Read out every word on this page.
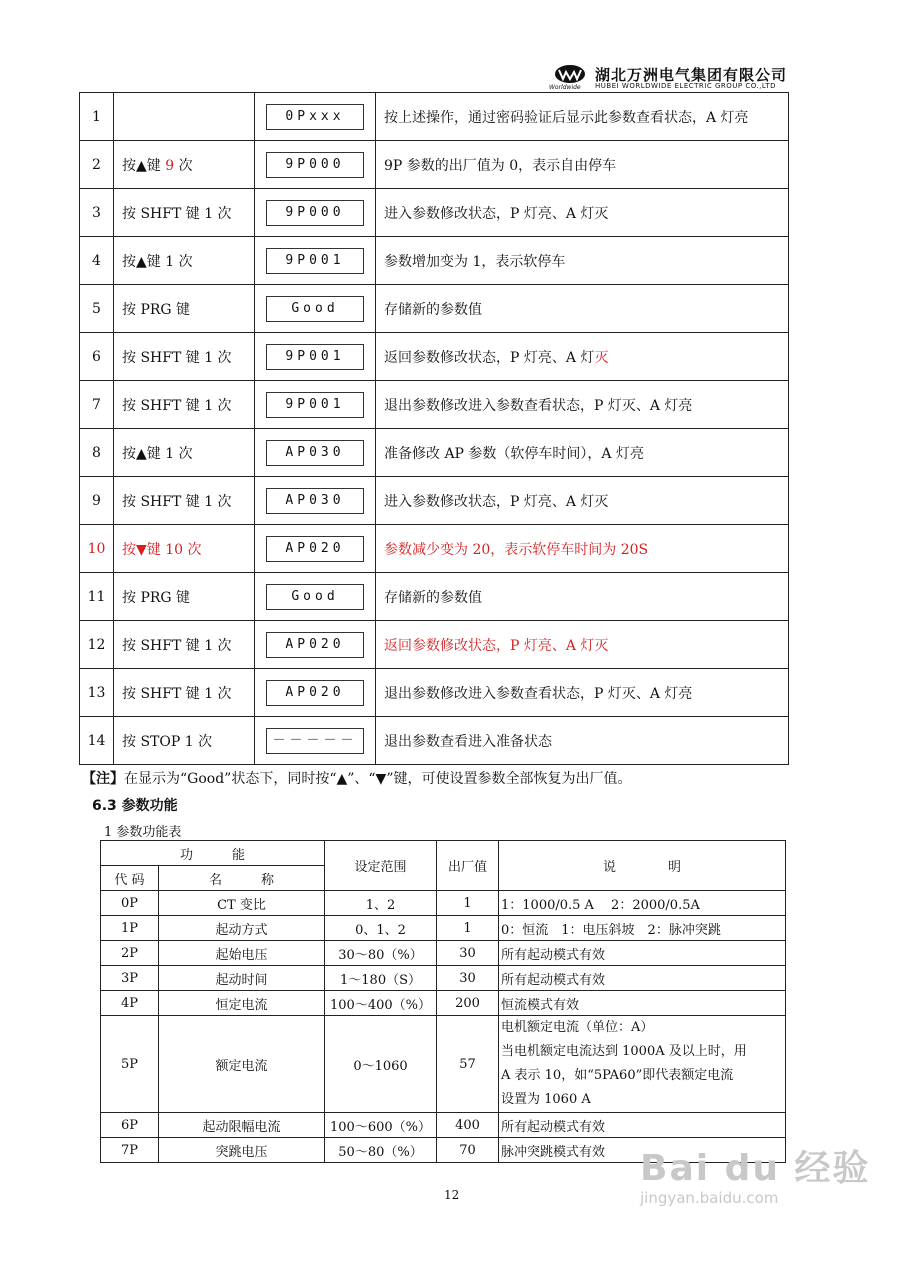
Worldwide
湖北万洲电气集团有限公司
HUBEI WORLDWIDE ELECTRIC GROUP CO.,LTD
1		0Pxxx	按上述操作，通过密码验证后显示此参数查看状态，A 灯亮
2	按▲键 9 次	9P000	9P 参数的出厂值为 0，表示自由停车
3	按 SHFT 键 1 次	9P000	进入参数修改状态，P 灯亮、A 灯灭
4	按▲键 1 次	9P001	参数增加变为 1，表示软停车
5	按 PRG 键	Good	存储新的参数值
6	按 SHFT 键 1 次	9P001	返回参数修改状态，P 灯亮、A 灯灭
7	按 SHFT 键 1 次	9P001	退出参数修改进入参数查看状态，P 灯灭、A 灯亮
8	按▲键 1 次	AP030	准备修改 AP 参数（软停车时间），A 灯亮
9	按 SHFT 键 1 次	AP030	进入参数修改状态，P 灯亮、A 灯灭
10	按▼键 10 次	AP020	参数减少变为 20，表示软停车时间为 20S
11	按 PRG 键	Good	存储新的参数值
12	按 SHFT 键 1 次	AP020	返回参数修改状态，P 灯亮、A 灯灭
13	按 SHFT 键 1 次	AP020	退出参数修改进入参数查看状态，P 灯灭、A 灯亮
14	按 STOP 1 次	－－－－－	退出参数查看进入准备状态
【注】在显示为“Good”状态下，同时按“▲”、“▼”键，可使设置参数全部恢复为出厂值。
6.3 参数功能
1 参数功能表
功　　　能		设定范围	出厂值	说　　　　明
代 码	名　　　称			
0P	CT 变比	1、2	1	1：1000/0.5 A　 2：2000/0.5A
1P	起动方式	0、1、2	1	0：恒流　1：电压斜坡　2：脉冲突跳
2P	起始电压	30～80（%）	30	所有起动模式有效
3P	起动时间	1～180（S）	30	所有起动模式有效
4P	恒定电流	100～400（%）	200	恒流模式有效
5P	额定电流	0～1060	57	电机额定电流（单位：A）
当电机额定电流达到 1000A 及以上时，用
A 表示 10，如“5PA60”即代表额定电流
设置为 1060 A

6P	起动限幅电流	100～600（%）	400	所有起动模式有效
7P	突跳电压	50～80（%）	70	脉冲突跳模式有效
12
Bai du 经验
jingyan.baidu.com
